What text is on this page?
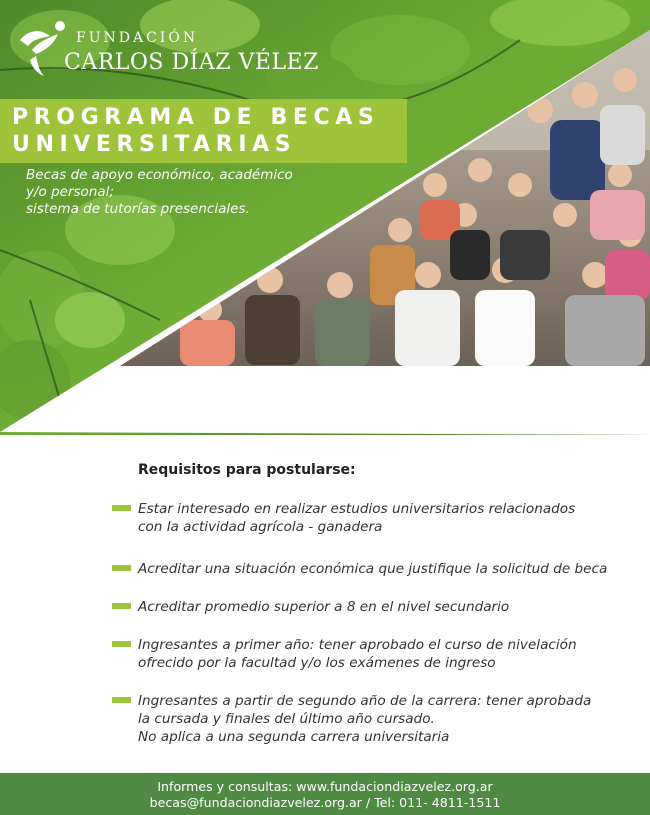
FUNDACIÓN
CARLOS DÍAZ VÉLEZ
PROGRAMA DE BECAS
UNIVERSITARIAS
Becas de apoyo económico, académico
y/o personal;
sistema de tutorías presenciales.
Requisitos para postularse:
Estar interesado en realizar estudios universitarios relacionados
con la actividad agrícola - ganadera
Acreditar una situación económica que justifique la solicitud de beca
Acreditar promedio superior a 8 en el nivel secundario
Ingresantes a primer año: tener aprobado el curso de nivelación
ofrecido por la facultad y/o los exámenes de ingreso
Ingresantes a partir de segundo año de la carrera: tener aprobada
la cursada y finales del último año cursado.
No aplica a una segunda carrera universitaria
Informes y consultas: www.fundaciondiazvelez.org.ar
becas@fundaciondiazvelez.org.ar / Tel: 011- 4811-1511
